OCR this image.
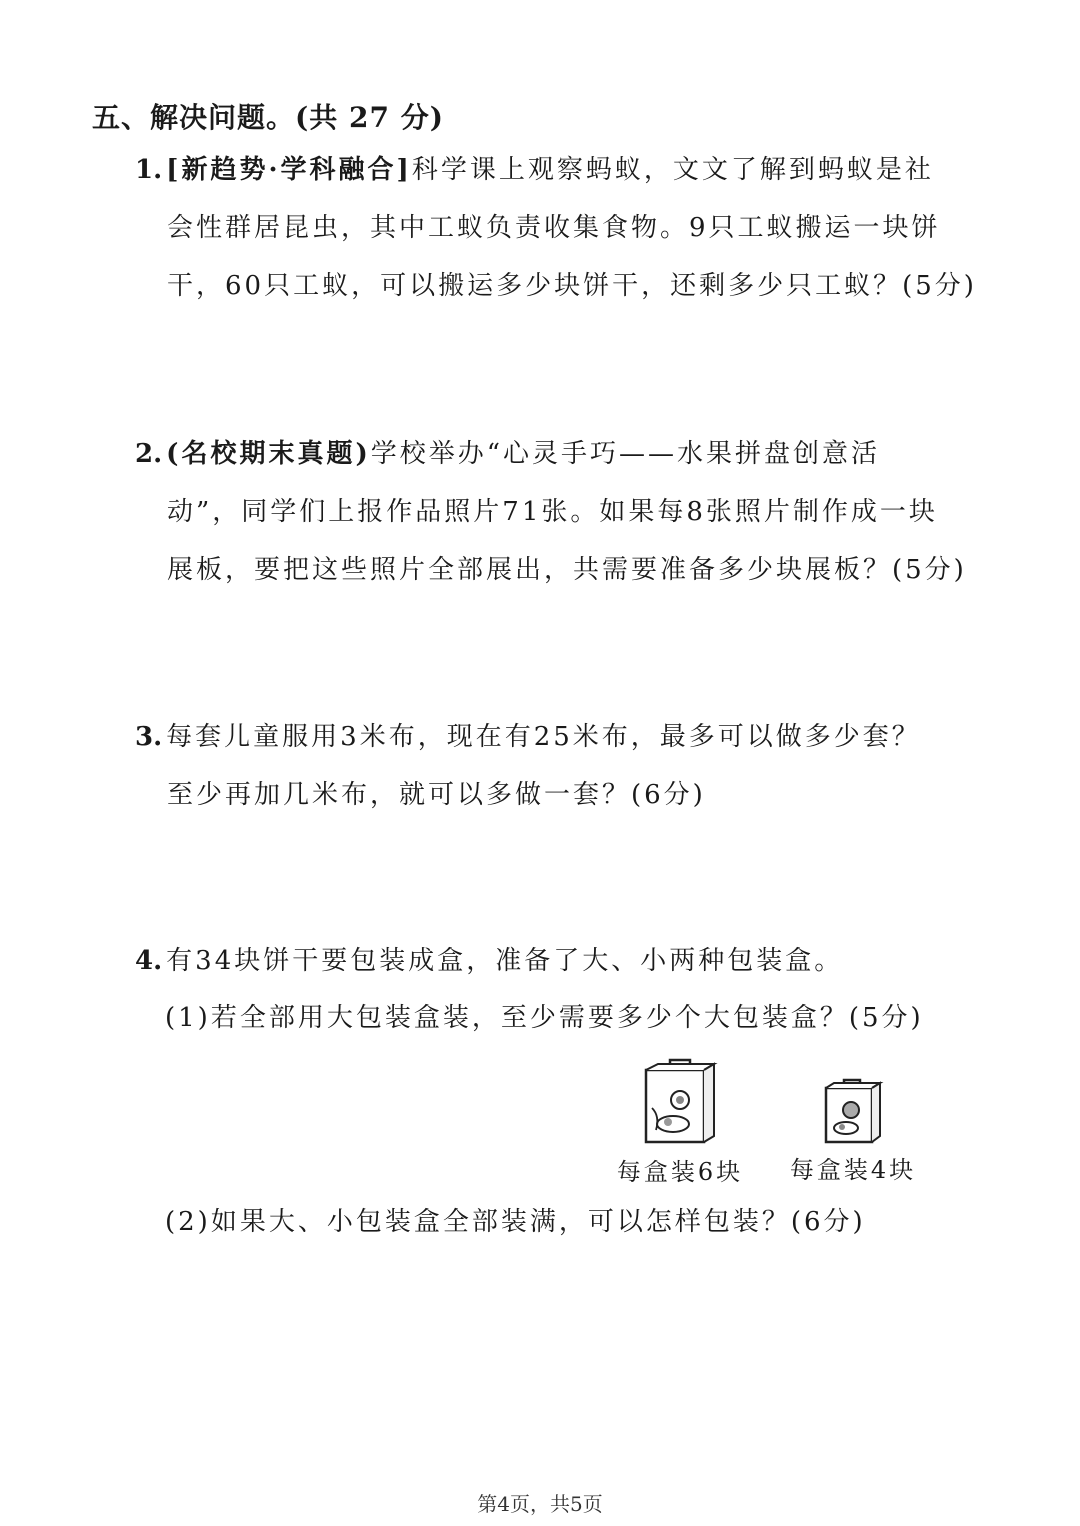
五、解决问题。(共 27 分)
1. [新趋势·学科融合]科学课上观察蚂蚁，文文了解到蚂蚁是社
会性群居昆虫，其中工蚁负责收集食物。9只工蚁搬运一块饼
干，60只工蚁，可以搬运多少块饼干，还剩多少只工蚁？(5分)
2. (名校期末真题)学校举办“心灵手巧——水果拼盘创意活
动”，同学们上报作品照片71张。如果每8张照片制作成一块
展板，要把这些照片全部展出，共需要准备多少块展板？(5分)
3. 每套儿童服用3米布，现在有25米布，最多可以做多少套？
至少再加几米布，就可以多做一套？(6分)
4. 有34块饼干要包装成盒，准备了大、小两种包装盒。
(1)若全部用大包装盒装，至少需要多少个大包装盒？(5分)
每盒装6块	每盒装4块
(2)如果大、小包装盒全部装满，可以怎样包装？(6分)
第4页，共5页
